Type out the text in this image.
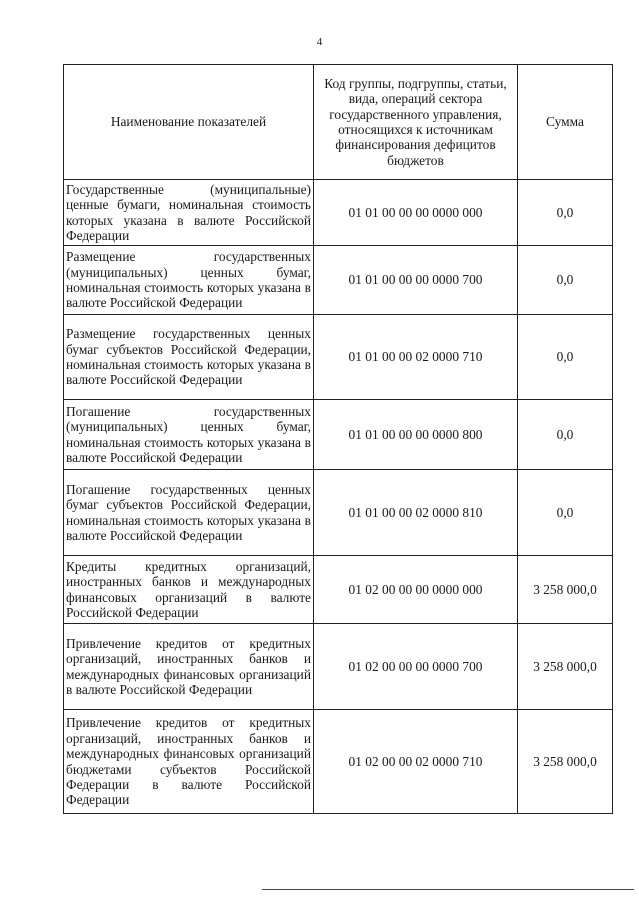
4
Наименование показателей	Код группы, подгруппы, статьи, вида, операций сектора государственного управления, относящихся к источникам финансирования дефицитов бюджетов	Сумма
Государственные (муниципальные) ценные бумаги, номинальная стоимость которых указана в валюте Российской Федерации	01 01 00 00 00 0000 000	0,0
Размещение государственных (муниципальных) ценных бумаг, номинальная стоимость которых указана в валюте Российской Федерации	01 01 00 00 00 0000 700	0,0
Размещение государственных ценных бумаг субъектов Российской Федерации, номинальная стоимость которых указана в валюте Российской Федерации	01 01 00 00 02 0000 710	0,0
Погашение государственных (муниципальных) ценных бумаг, номинальная стоимость которых указана в валюте Российской Федерации	01 01 00 00 00 0000 800	0,0
Погашение государственных ценных бумаг субъектов Российской Федерации, номинальная стоимость которых указана в валюте Российской Федерации	01 01 00 00 02 0000 810	0,0
Кредиты кредитных организаций, иностранных банков и международных финансовых организаций в валюте Российской Федерации	01 02 00 00 00 0000 000	3 258 000,0
Привлечение кредитов от кредитных организаций, иностранных банков и международных финансовых организаций в валюте Российской Федерации	01 02 00 00 00 0000 700	3 258 000,0
Привлечение кредитов от кредитных организаций, иностранных банков и международных финансовых организаций бюджетами субъектов Российской Федерации в валюте Российской Федерации	01 02 00 00 02 0000 710	3 258 000,0
